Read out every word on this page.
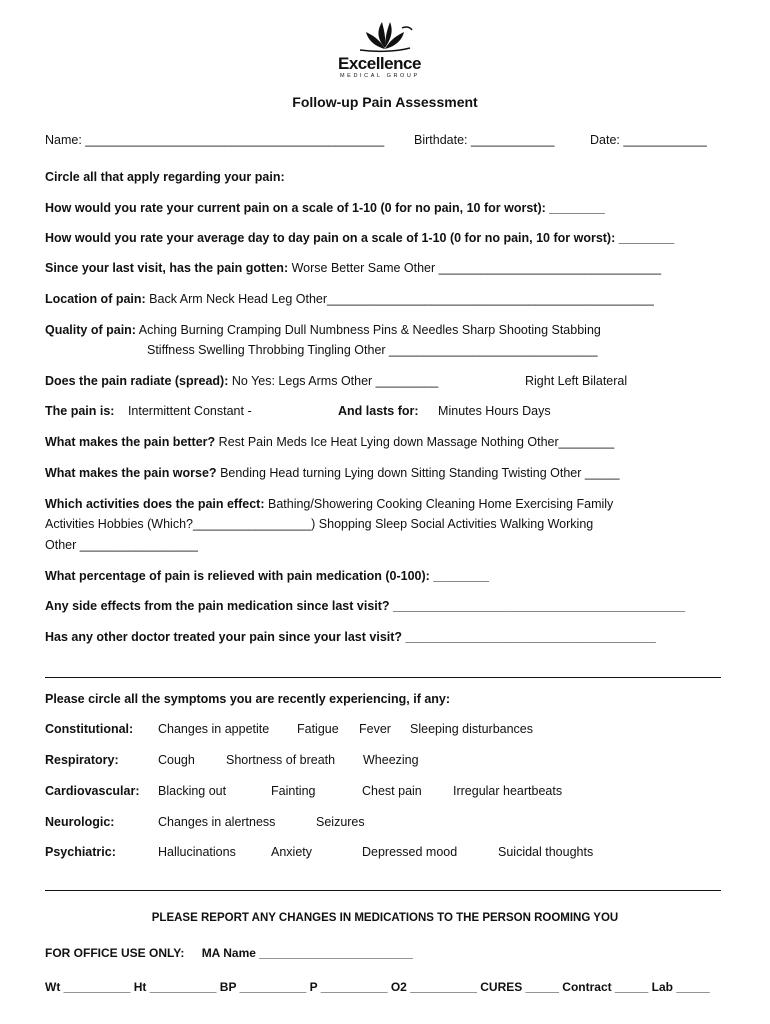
Excellence
MEDICAL GROUP
Follow-up Pain Assessment
Name: ___________________________________________ Birthdate: ____________	Date: ____________
Circle all that apply regarding your pain:
How would you rate your current pain on a scale of 1-10 (0 for no pain, 10 for worst): ________
How would you rate your average day to day pain on a scale of 1-10 (0 for no pain, 10 for worst): ________
Since your last visit, has the pain gotten: Worse Better Same Other ________________________________
Location of pain: Back Arm Neck Head Leg Other_______________________________________________
Quality of pain: Aching Burning Cramping Dull Numbness Pins & Needles Sharp Shooting Stabbing
Stiffness Swelling Throbbing Tingling Other ______________________________
Does the pain radiate (spread): No Yes: Legs Arms Other _________	Right Left Bilateral
The pain is: Intermittent Constant -	And lasts for: Minutes Hours Days
What makes the pain better? Rest Pain Meds Ice Heat Lying down Massage Nothing Other________
What makes the pain worse? Bending Head turning Lying down Sitting Standing Twisting Other _____
Which activities does the pain effect: Bathing/Showering Cooking Cleaning Home Exercising Family
Activities Hobbies (Which?_________________) Shopping Sleep Social Activities Walking Working
Other _________________
What percentage of pain is relieved with pain medication (0-100): ________
Any side effects from the pain medication since last visit? __________________________________________
Has any other doctor treated your pain since your last visit? ____________________________________
Please circle all the symptoms you are recently experiencing, if any:
Constitutional: Changes in appetite Fatigue Fever Sleeping disturbances
Respiratory:	Cough Shortness of breath Wheezing
Cardiovascular: Blacking out	Fainting	Chest pain Irregular heartbeats
Neurologic:	Changes in alertness	Seizures
Psychiatric:	Hallucinations	Anxiety	Depressed mood	Suicidal thoughts
PLEASE REPORT ANY CHANGES IN MEDICATIONS TO THE PERSON ROOMING YOU
FOR OFFICE USE ONLY: MA Name _______________________
Wt __________ Ht __________ BP __________ P __________ O2 __________ CURES _____ Contract _____ Lab _____
